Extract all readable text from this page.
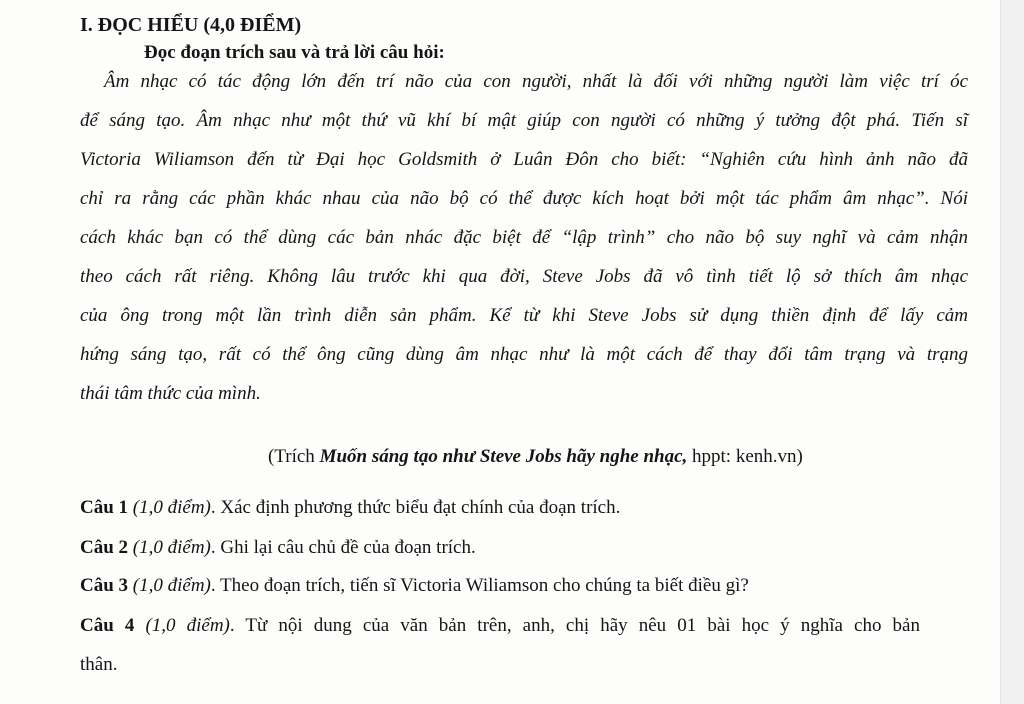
I. ĐỌC HIỂU (4,0 ĐIỂM)
Đọc đoạn trích sau và trả lời câu hỏi:
Âm nhạc có tác động lớn đến trí não của con người, nhất là đối với những người làm việc trí óc
để sáng tạo. Âm nhạc như một thứ vũ khí bí mật giúp con người có những ý tưởng đột phá. Tiến sĩ
Victoria Wiliamson đến từ Đại học Goldsmith ở Luân Đôn cho biết: “Nghiên cứu hình ảnh não đã
chỉ ra rằng các phần khác nhau của não bộ có thể được kích hoạt bởi một tác phẩm âm nhạc”. Nói
cách khác bạn có thể dùng các bản nhác đặc biệt để “lập trình” cho não bộ suy nghĩ và cảm nhận
theo cách rất riêng. Không lâu trước khi qua đời, Steve Jobs đã vô tình tiết lộ sở thích âm nhạc
của ông trong một lần trình diễn sản phẩm. Kể từ khi Steve Jobs sử dụng thiền định để lấy cảm
hứng sáng tạo, rất có thể ông cũng dùng âm nhạc như là một cách để thay đổi tâm trạng và trạng
thái tâm thức của mình.
(Trích Muốn sáng tạo như Steve Jobs hãy nghe nhạc, hppt: kenh.vn)
Câu 1 (1,0 điểm). Xác định phương thức biểu đạt chính của đoạn trích.
Câu 2 (1,0 điểm). Ghi lại câu chủ đề của đoạn trích.
Câu 3 (1,0 điểm). Theo đoạn trích, tiến sĩ Victoria Wiliamson cho chúng ta biết điều gì?
Câu 4 (1,0 điểm). Từ nội dung của văn bản trên, anh, chị hãy nêu 01 bài học ý nghĩa cho bản
thân.
